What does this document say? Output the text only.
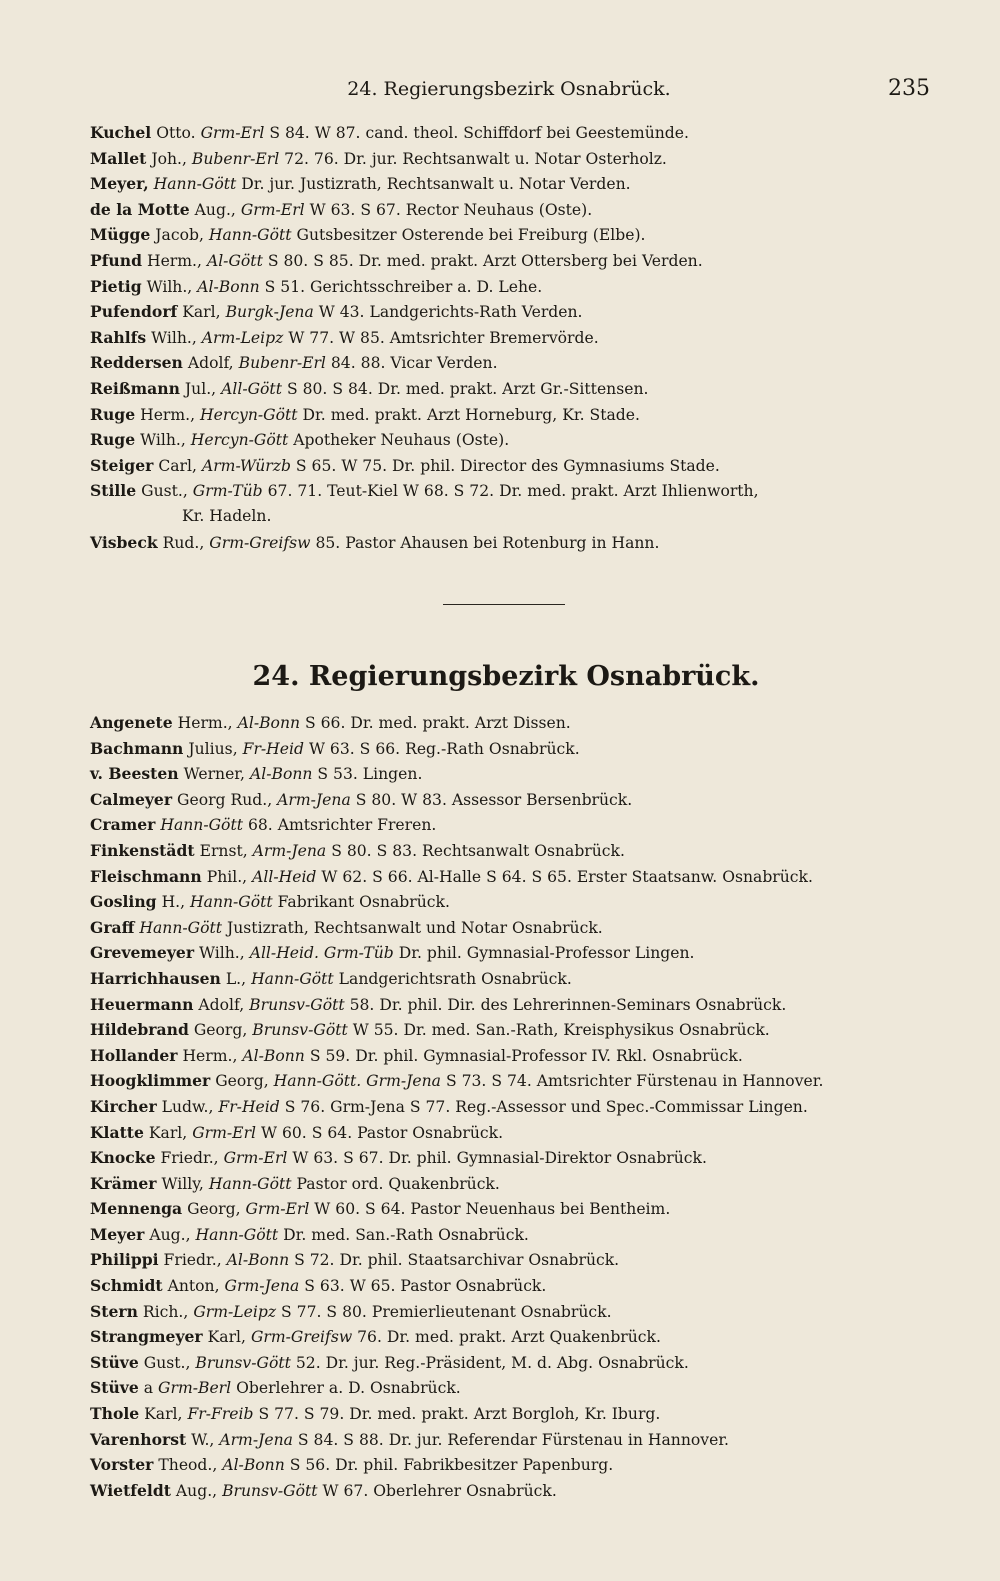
24. Regierungsbezirk Osnabrück.	235
Kuchel Otto. Grm-Erl S 84. W 87. cand. theol. Schiffdorf bei Geestemünde.
Mallet Joh., Bubenr-Erl 72. 76. Dr. jur. Rechtsanwalt u. Notar Osterholz.
Meyer, Hann-Gött Dr. jur. Justizrath, Rechtsanwalt u. Notar Verden.
de la Motte Aug., Grm-Erl W 63. S 67. Rector Neuhaus (Oste).
Mügge Jacob, Hann-Gött Gutsbesitzer Osterende bei Freiburg (Elbe).
Pfund Herm., Al-Gött S 80. S 85. Dr. med. prakt. Arzt Ottersberg bei Verden.
Pietig Wilh., Al-Bonn S 51. Gerichtsschreiber a. D. Lehe.
Pufendorf Karl, Burgk-Jena W 43. Landgerichts-Rath Verden.
Rahlfs Wilh., Arm-Leipz W 77. W 85. Amtsrichter Bremervörde.
Reddersen Adolf, Bubenr-Erl 84. 88. Vicar Verden.
Reißmann Jul., All-Gött S 80. S 84. Dr. med. prakt. Arzt Gr.-Sittensen.
Ruge Herm., Hercyn-Gött Dr. med. prakt. Arzt Horneburg, Kr. Stade.
Ruge Wilh., Hercyn-Gött Apotheker Neuhaus (Oste).
Steiger Carl, Arm-Würzb S 65. W 75. Dr. phil. Director des Gymnasiums Stade.
Stille Gust., Grm-Tüb 67. 71. Teut-Kiel W 68. S 72. Dr. med. prakt. Arzt Ihlienworth,
Kr. Hadeln.
Visbeck Rud., Grm-Greifsw 85. Pastor Ahausen bei Rotenburg in Hann.
24. Regierungsbezirk Osnabrück.
Angenete Herm., Al-Bonn S 66. Dr. med. prakt. Arzt Dissen.
Bachmann Julius, Fr-Heid W 63. S 66. Reg.-Rath Osnabrück.
v. Beesten Werner, Al-Bonn S 53. Lingen.
Calmeyer Georg Rud., Arm-Jena S 80. W 83. Assessor Bersenbrück.
Cramer Hann-Gött 68. Amtsrichter Freren.
Finkenstädt Ernst, Arm-Jena S 80. S 83. Rechtsanwalt Osnabrück.
Fleischmann Phil., All-Heid W 62. S 66. Al-Halle S 64. S 65. Erster Staatsanw. Osnabrück.
Gosling H., Hann-Gött Fabrikant Osnabrück.
Graff Hann-Gött Justizrath, Rechtsanwalt und Notar Osnabrück.
Grevemeyer Wilh., All-Heid. Grm-Tüb Dr. phil. Gymnasial-Professor Lingen.
Harrichhausen L., Hann-Gött Landgerichtsrath Osnabrück.
Heuermann Adolf, Brunsv-Gött 58. Dr. phil. Dir. des Lehrerinnen-Seminars Osnabrück.
Hildebrand Georg, Brunsv-Gött W 55. Dr. med. San.-Rath, Kreisphysikus Osnabrück.
Hollander Herm., Al-Bonn S 59. Dr. phil. Gymnasial-Professor IV. Rkl. Osnabrück.
Hoogklimmer Georg, Hann-Gött. Grm-Jena S 73. S 74. Amtsrichter Fürstenau in Hannover.
Kircher Ludw., Fr-Heid S 76. Grm-Jena S 77. Reg.-Assessor und Spec.-Commissar Lingen.
Klatte Karl, Grm-Erl W 60. S 64. Pastor Osnabrück.
Knocke Friedr., Grm-Erl W 63. S 67. Dr. phil. Gymnasial-Direktor Osnabrück.
Krämer Willy, Hann-Gött Pastor ord. Quakenbrück.
Mennenga Georg, Grm-Erl W 60. S 64. Pastor Neuenhaus bei Bentheim.
Meyer Aug., Hann-Gött Dr. med. San.-Rath Osnabrück.
Philippi Friedr., Al-Bonn S 72. Dr. phil. Staatsarchivar Osnabrück.
Schmidt Anton, Grm-Jena S 63. W 65. Pastor Osnabrück.
Stern Rich., Grm-Leipz S 77. S 80. Premierlieutenant Osnabrück.
Strangmeyer Karl, Grm-Greifsw 76. Dr. med. prakt. Arzt Quakenbrück.
Stüve Gust., Brunsv-Gött 52. Dr. jur. Reg.-Präsident, M. d. Abg. Osnabrück.
Stüve a Grm-Berl Oberlehrer a. D. Osnabrück.
Thole Karl, Fr-Freib S 77. S 79. Dr. med. prakt. Arzt Borgloh, Kr. Iburg.
Varenhorst W., Arm-Jena S 84. S 88. Dr. jur. Referendar Fürstenau in Hannover.
Vorster Theod., Al-Bonn S 56. Dr. phil. Fabrikbesitzer Papenburg.
Wietfeldt Aug., Brunsv-Gött W 67. Oberlehrer Osnabrück.
